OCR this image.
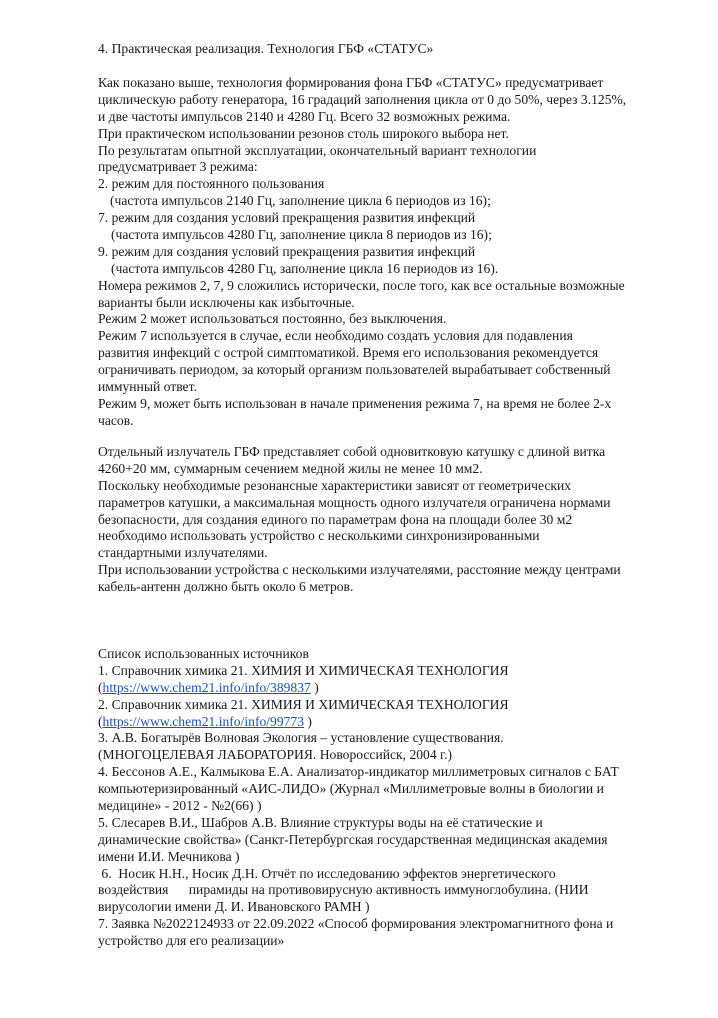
4. Практическая реализация. Технология ГБФ «СТАТУС»
Как показано выше, технология формирования фона ГБФ «СТАТУС» предусматривает
циклическую работу генератора, 16 градаций заполнения цикла от 0 до 50%, через 3.125%,
и две частоты импульсов 2140 и 4280 Гц. Всего 32 возможных режима.
При практическом использовании резонов столь широкого выбора нет.
По результатам опытной эксплуатации, окончательный вариант технологии
предусматривает 3 режима:
2. режим для постоянного пользования
(частота импульсов 2140 Гц, заполнение цикла 6 периодов из 16);
7. режим для создания условий прекращения развития инфекций
(частота импульсов 4280 Гц, заполнение цикла 8 периодов из 16);
9. режим для создания условий прекращения развития инфекций
(частота импульсов 4280 Гц, заполнение цикла 16 периодов из 16).
Номера режимов 2, 7, 9 сложились исторически, после того, как все остальные возможные
варианты были исключены как избыточные.
Режим 2 может использоваться постоянно, без выключения.
Режим 7 используется в случае, если необходимо создать условия для подавления
развития инфекций с острой симптоматикой. Время его использования рекомендуется
ограничивать периодом, за который организм пользователей вырабатывает собственный
иммунный ответ.
Режим 9, может быть использован в начале применения режима 7, на время не более 2-х
часов.
Отдельный излучатель ГБФ представляет собой одновитковую катушку с длиной витка
4260+20 мм, суммарным сечением медной жилы не менее 10 мм2.
Поскольку необходимые резонансные характеристики зависят от геометрических
параметров катушки, а максимальная мощность одного излучателя ограничена нормами
безопасности, для создания единого по параметрам фона на площади более 30 м2
необходимо использовать устройство с несколькими синхронизированными
стандартными излучателями.
При использовании устройства с несколькими излучателями, расстояние между центрами
кабель-антенн должно быть около 6 метров.
Список использованных источников
1. Справочник химика 21. ХИМИЯ И ХИМИЧЕСКАЯ ТЕХНОЛОГИЯ
(https://www.chem21.info/info/389837 )
2. Справочник химика 21. ХИМИЯ И ХИМИЧЕСКАЯ ТЕХНОЛОГИЯ
(https://www.chem21.info/info/99773 )
3. А.В. Богатырёв Волновая Экология – установление существования.
(МНОГОЦЕЛЕВАЯ ЛАБОРАТОРИЯ. Новороссийск, 2004 г.)
4. Бессонов А.Е., Калмыкова Е.А. Анализатор-индикатор миллиметровых сигналов с БАТ
компьютеризированный «АИС-ЛИДО» (Журнал «Миллиметровые волны в биологии и
медицине» - 2012 - №2(66) )
5. Слесарев В.И., Шабров А.В. Влияние структуры воды на её статические и
динамические свойства» (Санкт-Петербургская государственная медицинская академия
имени И.И. Мечникова )
6.  Носик Н.Н., Носик Д.Н. Отчёт по исследованию эффектов энергетического
воздействия      пирамиды на противовирусную активность иммуноглобулина. (НИИ
вирусологии имени Д. И. Ивановского РАМН )
7. Заявка №2022124933 от 22.09.2022 «Способ формирования электромагнитного фона и
устройство для его реализации»
